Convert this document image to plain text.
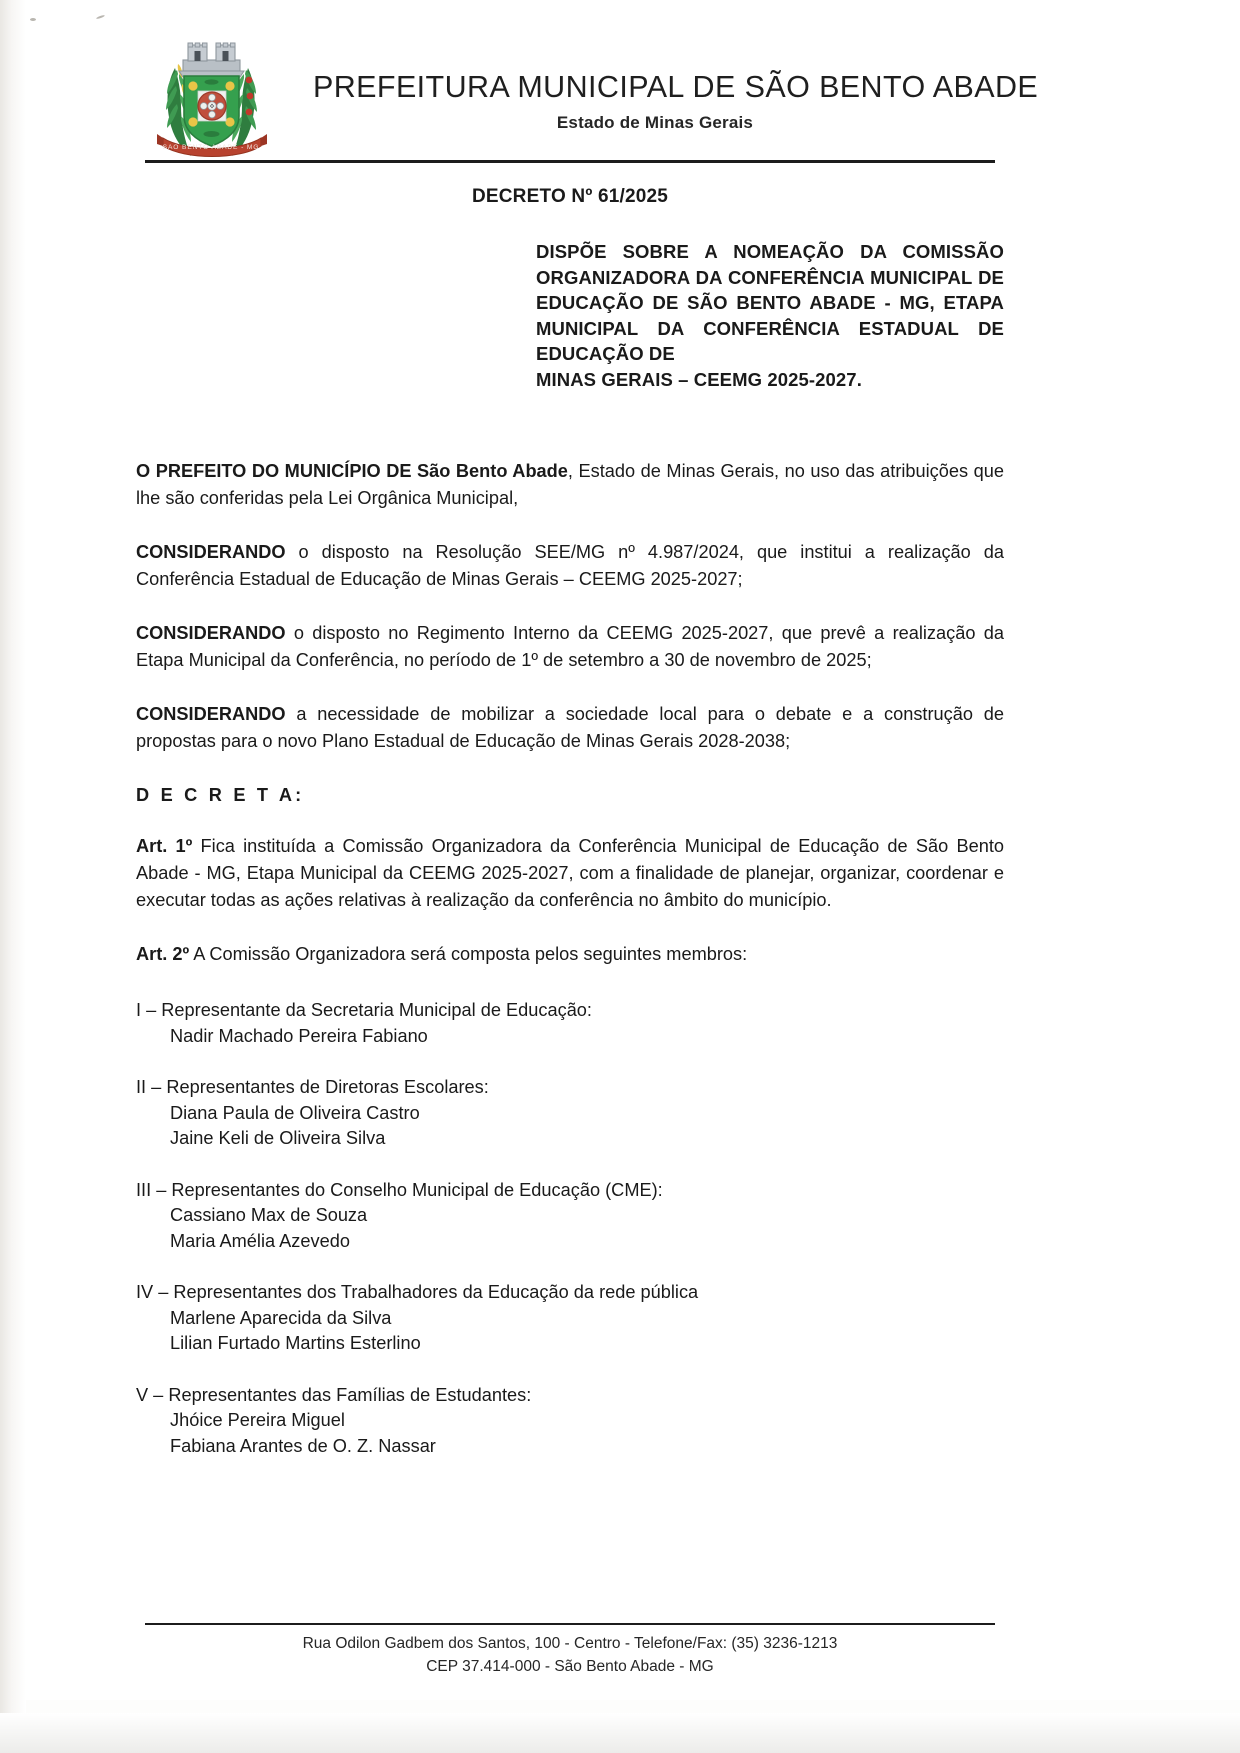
SAO BENTO ABADE - MG
PREFEITURA MUNICIPAL DE SÃO BENTO ABADE
Estado de Minas Gerais
DECRETO Nº 61/2025
DISPÕE SOBRE A NOMEAÇÃO DA COMISSÃO ORGANIZADORA DA CONFERÊNCIA MUNICIPAL DE EDUCAÇÃO DE SÃO BENTO ABADE - MG, ETAPA MUNICIPAL DA CONFERÊNCIA ESTADUAL DE EDUCAÇÃO DE
MINAS GERAIS – CEEMG 2025-2027.
O PREFEITO DO MUNICÍPIO DE São Bento Abade, Estado de Minas Gerais, no uso das atribuições que lhe são conferidas pela Lei Orgânica Municipal,
CONSIDERANDO o disposto na Resolução SEE/MG nº 4.987/2024, que institui a realização da Conferência Estadual de Educação de Minas Gerais – CEEMG 2025-2027;
CONSIDERANDO o disposto no Regimento Interno da CEEMG 2025-2027, que prevê a realização da Etapa Municipal da Conferência, no período de 1º de setembro a 30 de novembro de 2025;
CONSIDERANDO a necessidade de mobilizar a sociedade local para o debate e a construção de propostas para o novo Plano Estadual de Educação de Minas Gerais 2028-2038;
D E C R E T A:
Art. 1º Fica instituída a Comissão Organizadora da Conferência Municipal de Educação de São Bento Abade - MG, Etapa Municipal da CEEMG 2025-2027, com a finalidade de planejar, organizar, coordenar e executar todas as ações relativas à realização da conferência no âmbito do município.
Art. 2º A Comissão Organizadora será composta pelos seguintes membros:
I – Representante da Secretaria Municipal de Educação:
Nadir Machado Pereira Fabiano
II – Representantes de Diretoras Escolares:
Diana Paula de Oliveira Castro
Jaine Keli de Oliveira Silva
III – Representantes do Conselho Municipal de Educação (CME):
Cassiano Max de Souza
Maria Amélia Azevedo
IV – Representantes dos Trabalhadores da Educação da rede pública
Marlene Aparecida da Silva
Lilian Furtado Martins Esterlino
V – Representantes das Famílias de Estudantes:
Jhóice Pereira Miguel
Fabiana Arantes de O. Z. Nassar
Rua Odilon Gadbem dos Santos, 100 - Centro - Telefone/Fax: (35) 3236-1213
CEP 37.414-000 - São Bento Abade - MG
